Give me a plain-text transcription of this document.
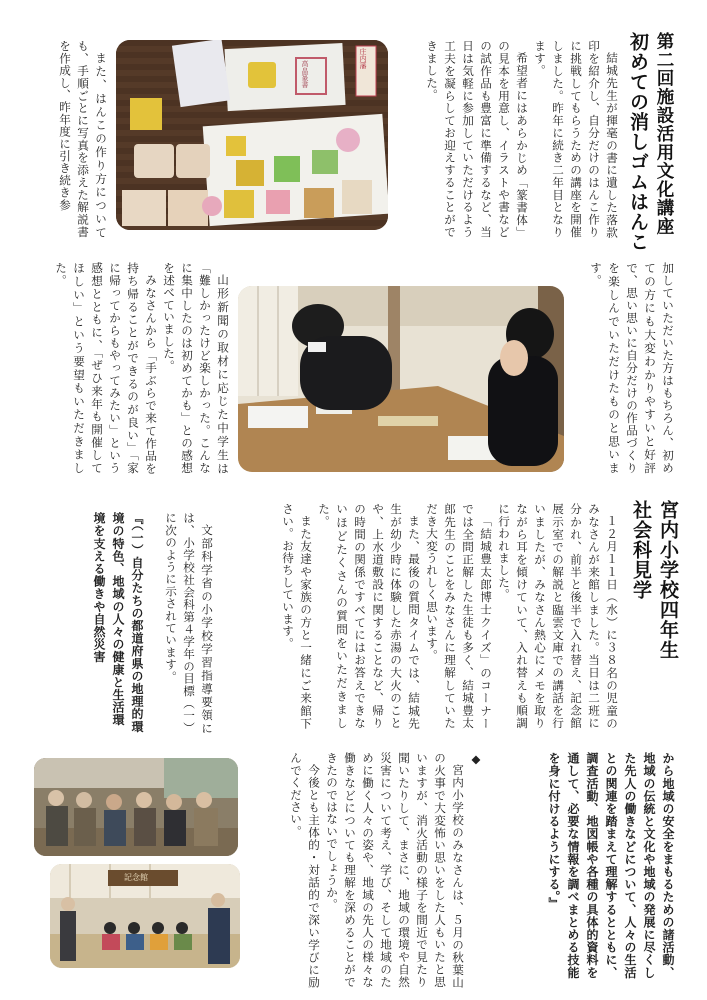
第二回施設活用文化講座
初めての消しゴムはんこ

結城先生が揮毫の書に遺した落款印を紹介し、自分だけのはんこ作りに挑戦してもらうための講座を開催しました。昨年に続き二年目となります。

希望者にはあらかじめ「篆書体」の見本を用意し、イラストや書などの試作品も豊富に準備するなど、当日は気軽に参加していただけるよう工夫を凝らしてお迎えすることができました。

高畠篆書
庄内藩

また、はんこの作り方についても、手順ごとに写真を添えた解説書を作成し、昨年度に引き続き参

加していただいた方はもちろん、初めての方にも大変わかりやすいと好評で、思い思いに自分だけの作品づくりを楽しんでいただけたものと思います。

山形新聞の取材に応じた中学生は「難しかったけど楽しかった。こんなに集中したのは初めてかも」との感想を述べていました。

みなさんから「手ぶらで来て作品を持ち帰ることができるのが良い」「家に帰ってからもやってみたい」という感想とともに、「ぜひ来年も開催してほしい」という要望もいただきました。

宮内小学校四年生
社会科見学

１２月１１日（水）に３８名の児童のみなさんが来館しました。当日は二班に分かれ、前半と後半で入れ替え、記念館展示室での解説と臨雲文庫での講話を行いましたが、みなさん熱心にメモを取りながら耳を傾けていて、入れ替えも順調に行われました。

「結城豊太郎博士クイズ」のコーナーでは全問正解した生徒も多く、結城豊太郎先生のことをみなさんに理解していただき大変うれしく思います。

また、最後の質問タイムでは、結城先生が幼少時に体験した赤湯の大火のことや、上水道敷設に関することなど、帰りの時間の関係ですべてにはお答えできないほどたくさんの質問をいただきました。

また友達や家族の方と一緒にご来館下さい。お待ちしています。

文部科学省の小学校学習指導要領には、小学校社会科第４学年の目標（一）に次のように示されています。

『（一）自分たちの都道府県の地理的環境の特色、地域の人々の健康と生活環境を支える働きや自然災害
から地域の安全をまもるための諸活動、地域の伝統と文化や地域の発展に尽くした先人の働きなどについて、人々の生活との関連を踏まえて理解するとともに、調査活動、地図帳や各種の具体的資料を通して、必要な情報を調べまとめる技能を身に付けるようにする。』

◆

宮内小学校のみなさんは、５月の秋葉山の火事で大変怖い思いをした人もいたと思いますが、消火活動の様子を間近で見たり聞いたりして、まさに、地域の環境や自然災害について考え、学び、そして地域のために働く人々の姿や、地域の先人の様々な働きなどについても理解を深めることができたのではないでしょうか。

今後とも主体的・対話的で深い学びに励んでください。

記念館
